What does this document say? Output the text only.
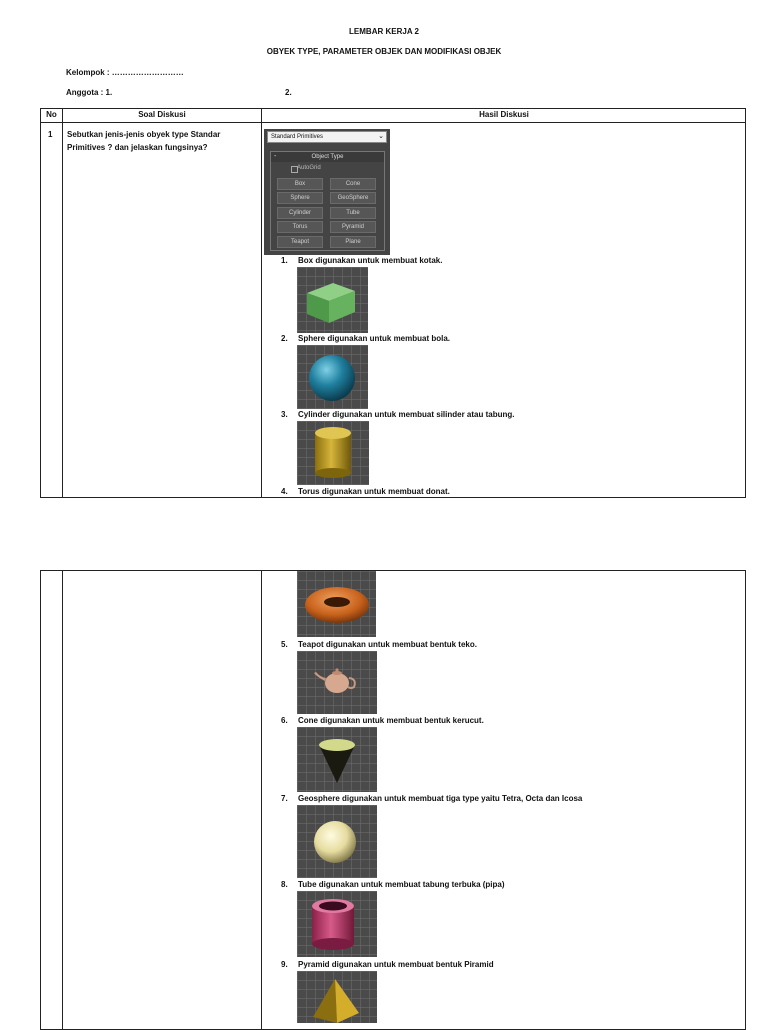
LEMBAR KERJA 2
OBYEK TYPE, PARAMETER OBJEK DAN MODIFIKASI OBJEK
Kelompok : ………………………
Anggota : 1.	2.
No	Soal Diskusi	Hasil Diskusi
1 Sebutkan jenis-jenis obyek type Standar
Primitives ? dan jelaskan fungsinya?
Standard Primitives	⌄
-	Object Type
AutoGrid
Box	Cone
Sphere	GeoSphere
Cylinder	Tube
Torus	Pyramid
Teapot	Plane
1. Box digunakan untuk membuat kotak.
2. Sphere digunakan untuk membuat bola.
3. Cylinder digunakan untuk membuat silinder atau tabung.
4. Torus digunakan untuk membuat donat.
5. Teapot digunakan untuk membuat bentuk teko.
6. Cone digunakan untuk membuat bentuk kerucut.
7. Geosphere digunakan untuk membuat tiga type yaitu Tetra, Octa dan Icosa
8. Tube digunakan untuk membuat tabung terbuka (pipa)
9. Pyramid digunakan untuk membuat bentuk Piramid
